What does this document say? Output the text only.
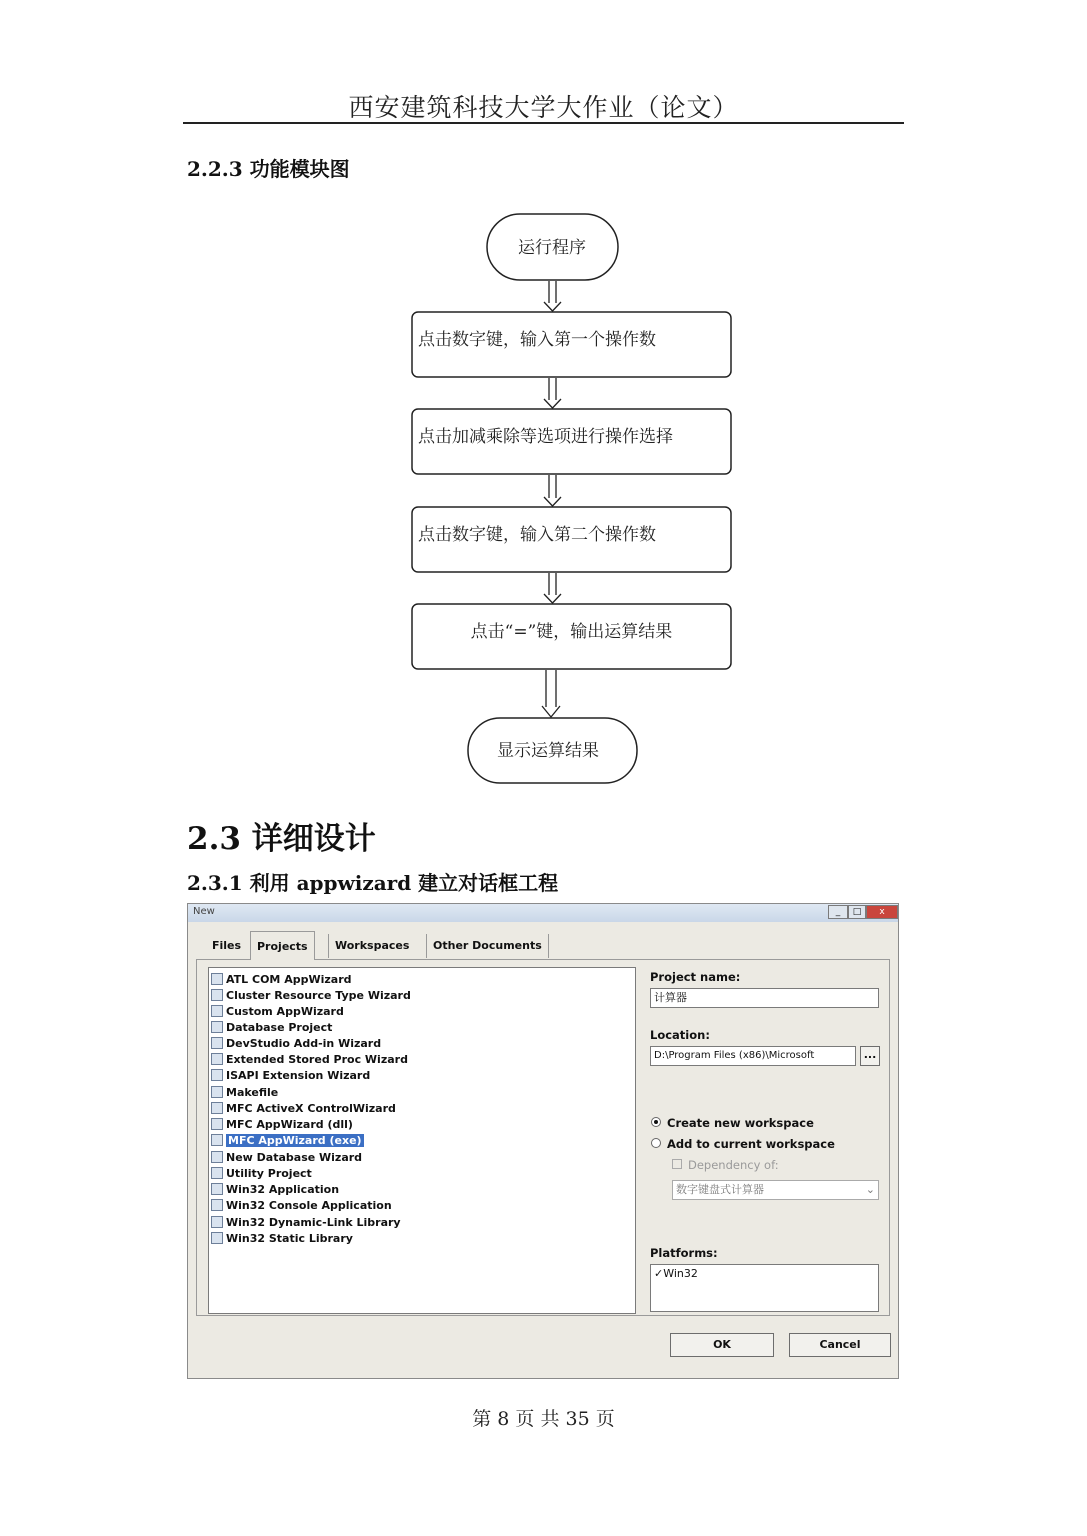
西安建筑科技大学大作业（论文）
2.2.3 功能模块图
运行程序
点击数字键，输入第一个操作数
点击加减乘除等选项进行操作选择
点击数字键，输入第二个操作数
点击“=”键，输出运算结果
显示运算结果
2.3 详细设计
2.3.1 利用 appwizard 建立对话框工程
New	_	□	x
Files	Projects	Workspaces	Other Documents
ATL COM AppWizard
Cluster Resource Type Wizard
Custom AppWizard
Database Project
DevStudio Add-in Wizard
Extended Stored Proc Wizard
ISAPI Extension Wizard
Makefile
MFC ActiveX ControlWizard
MFC AppWizard (dll)
MFC AppWizard (exe)
New Database Wizard
Utility Project
Win32 Application
Win32 Console Application
Win32 Dynamic-Link Library
Win32 Static Library
Project name:
计算器
Location:
D:\Program Files (x86)\Microsoft	...
Create new workspace
Add to current workspace
Dependency of:
数字键盘式计算器	⌄
Platforms:
✓Win32
OK	Cancel
第 8 页 共 35 页
